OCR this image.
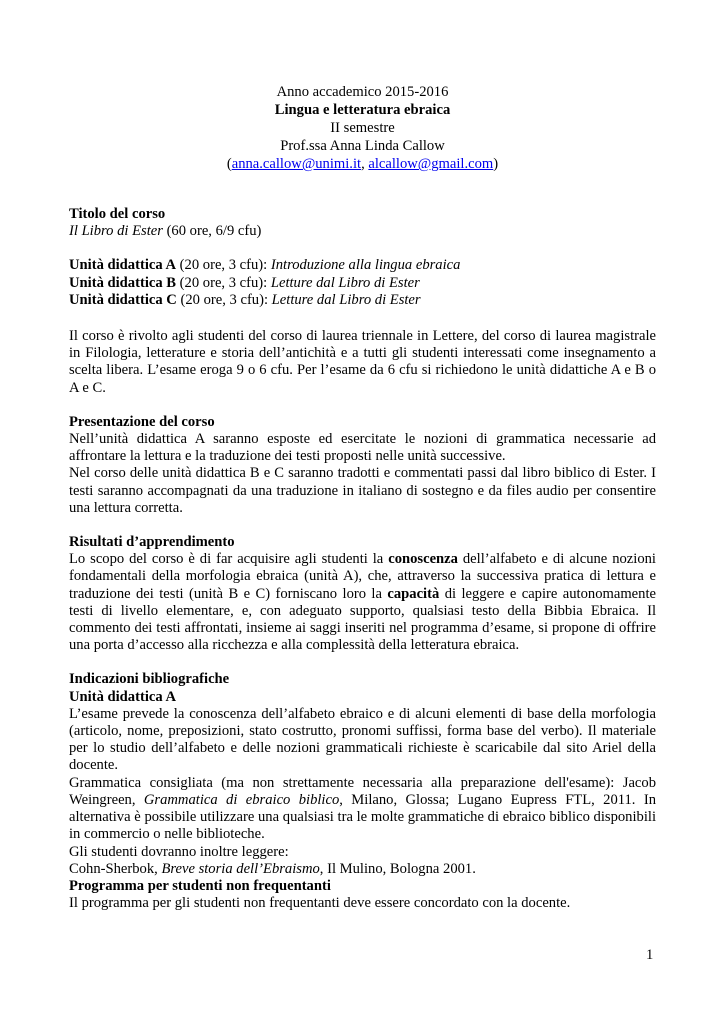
Anno accademico 2015-2016
Lingua e letteratura ebraica
II semestre
Prof.ssa Anna Linda Callow
(anna.callow@unimi.it, alcallow@gmail.com)
Titolo del corso
Il Libro di Ester (60 ore, 6/9 cfu)
Unità didattica A (20 ore, 3 cfu): Introduzione alla lingua ebraica
Unità didattica B (20 ore, 3 cfu): Letture dal Libro di Ester
Unità didattica C (20 ore, 3 cfu): Letture dal Libro di Ester
Il corso è rivolto agli studenti del corso di laurea triennale in Lettere, del corso di laurea magistrale in Filologia, letterature e storia dell’antichità e a tutti gli studenti interessati come insegnamento a scelta libera. L’esame eroga 9 o 6 cfu. Per l’esame da 6 cfu si richiedono le unità didattiche A e B o A e C.
Presentazione del corso
Nell’unità didattica A saranno esposte ed esercitate le nozioni di grammatica necessarie ad affrontare la lettura e la traduzione dei testi proposti nelle unità successive.
Nel corso delle unità didattica B e C saranno tradotti e commentati passi dal libro biblico di Ester. I testi saranno accompagnati da una traduzione in italiano di sostegno e da files audio per consentire una lettura corretta.
Risultati d’apprendimento
Lo scopo del corso è di far acquisire agli studenti la conoscenza dell’alfabeto e di alcune nozioni fondamentali della morfologia ebraica (unità A), che, attraverso la successiva pratica di lettura e traduzione dei testi (unità B e C) forniscano loro la capacità di leggere e capire autonomamente testi di livello elementare, e, con adeguato supporto, qualsiasi testo della Bibbia Ebraica. Il commento dei testi affrontati, insieme ai saggi inseriti nel programma d’esame, si propone di offrire una porta d’accesso alla ricchezza e alla complessità della letteratura ebraica.
Indicazioni bibliografiche
Unità didattica A
L’esame prevede la conoscenza dell’alfabeto ebraico e di alcuni elementi di base della morfologia (articolo, nome, preposizioni, stato costrutto, pronomi suffissi, forma base del verbo). Il materiale per lo studio dell’alfabeto e delle nozioni grammaticali richieste è scaricabile dal sito Ariel della docente.
Grammatica consigliata (ma non strettamente necessaria alla preparazione dell'esame): Jacob Weingreen, Grammatica di ebraico biblico, Milano, Glossa; Lugano Eupress FTL, 2011. In alternativa è possibile utilizzare una qualsiasi tra le molte grammatiche di ebraico biblico disponibili in commercio o nelle biblioteche.
Gli studenti dovranno inoltre leggere:
Cohn-Sherbok, Breve storia dell’Ebraismo, Il Mulino, Bologna 2001.
Programma per studenti non frequentanti
Il programma per gli studenti non frequentanti deve essere concordato con la docente.
1
